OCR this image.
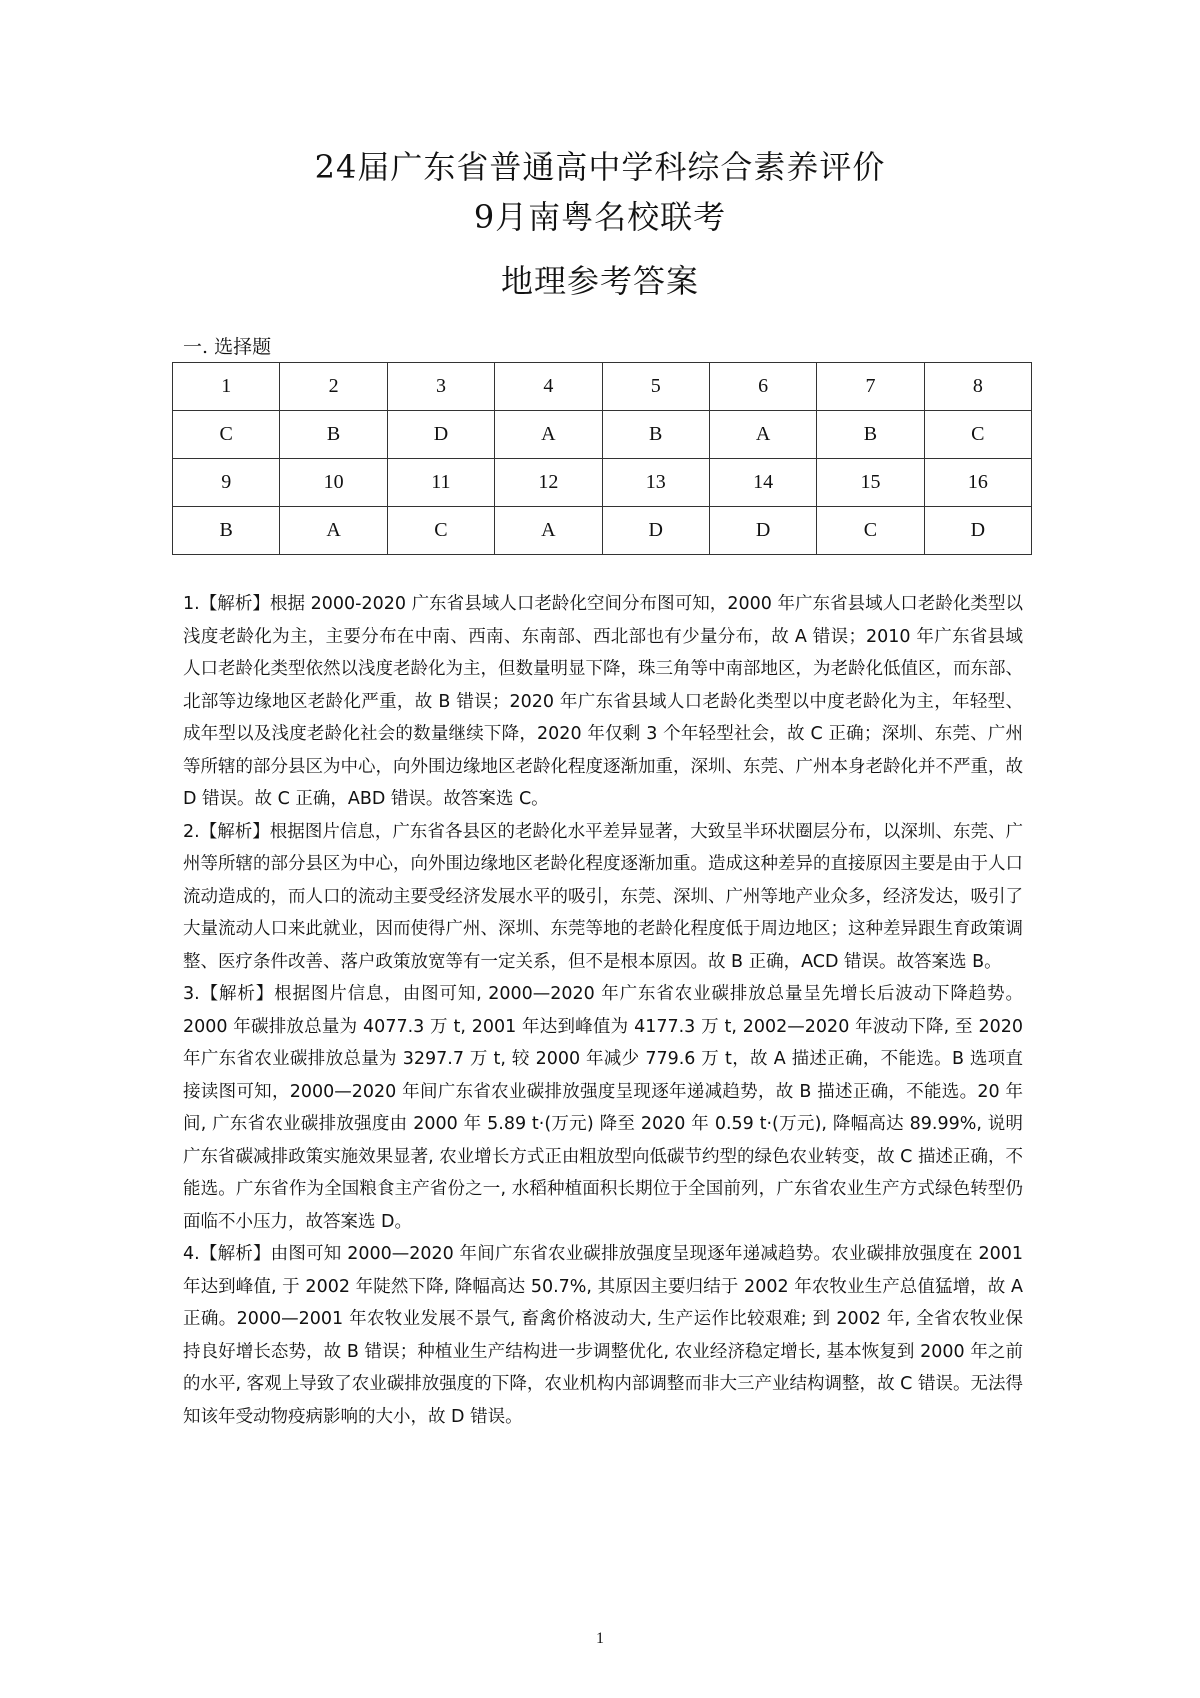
24届广东省普通高中学科综合素养评价

9月南粤名校联考

地理参考答案

一. 选择题
1	2	3	4	5	6	7	8
C	B	D	A	B	A	B	C
9	10	11	12	13	14	15	16
B	A	C	A	D	D	C	D

1.【解析】根据 2000-2020 广东省县域人口老龄化空间分布图可知，2000 年广东省县域人口老龄化类型以浅度老龄化为主，主要分布在中南、西南、东南部、西北部也有少量分布，故 A 错误；2010 年广东省县域人口老龄化类型依然以浅度老龄化为主，但数量明显下降，珠三角等中南部地区，为老龄化低值区，而东部、北部等边缘地区老龄化严重，故 B 错误；2020 年广东省县域人口老龄化类型以中度老龄化为主，年轻型、成年型以及浅度老龄化社会的数量继续下降，2020 年仅剩 3 个年轻型社会，故 C 正确；深圳、东莞、广州等所辖的部分县区为中心，向外围边缘地区老龄化程度逐渐加重，深圳、东莞、广州本身老龄化并不严重，故 D 错误。故 C 正确，ABD 错误。故答案选 C。

2.【解析】根据图片信息，广东省各县区的老龄化水平差异显著，大致呈半环状圈层分布，以深圳、东莞、广州等所辖的部分县区为中心，向外围边缘地区老龄化程度逐渐加重。造成这种差异的直接原因主要是由于人口流动造成的，而人口的流动主要受经济发展水平的吸引，东莞、深圳、广州等地产业众多，经济发达，吸引了大量流动人口来此就业，因而使得广州、深圳、东莞等地的老龄化程度低于周边地区；这种差异跟生育政策调整、医疗条件改善、落户政策放宽等有一定关系，但不是根本原因。故 B 正确，ACD 错误。故答案选 B。

3.【解析】根据图片信息，由图可知, 2000—2020 年广东省农业碳排放总量呈先增长后波动下降趋势。2000 年碳排放总量为 4077.3 万 t, 2001 年达到峰值为 4177.3 万 t, 2002—2020 年波动下降, 至 2020 年广东省农业碳排放总量为 3297.7 万 t, 较 2000 年减少 779.6 万 t，故 A 描述正确，不能选。B 选项直接读图可知，2000—2020 年间广东省农业碳排放强度呈现逐年递减趋势，故 B 描述正确，不能选。20 年间, 广东省农业碳排放强度由 2000 年 5.89 t·(万元) 降至 2020 年 0.59 t·(万元), 降幅高达 89.99%, 说明广东省碳减排政策实施效果显著, 农业增长方式正由粗放型向低碳节约型的绿色农业转变，故 C 描述正确，不能选。广东省作为全国粮食主产省份之一, 水稻种植面积长期位于全国前列，广东省农业生产方式绿色转型仍面临不小压力，故答案选 D。

4.【解析】由图可知 2000—2020 年间广东省农业碳排放强度呈现逐年递减趋势。农业碳排放强度在 2001 年达到峰值, 于 2002 年陡然下降, 降幅高达 50.7%, 其原因主要归结于 2002 年农牧业生产总值猛增，故 A 正确。2000—2001 年农牧业发展不景气, 畜禽价格波动大, 生产运作比较艰难; 到 2002 年, 全省农牧业保持良好增长态势，故 B 错误；种植业生产结构进一步调整优化, 农业经济稳定增长, 基本恢复到 2000 年之前的水平, 客观上导致了农业碳排放强度的下降，农业机构内部调整而非大三产业结构调整，故 C 错误。无法得知该年受动物疫病影响的大小，故 D 错误。

1
